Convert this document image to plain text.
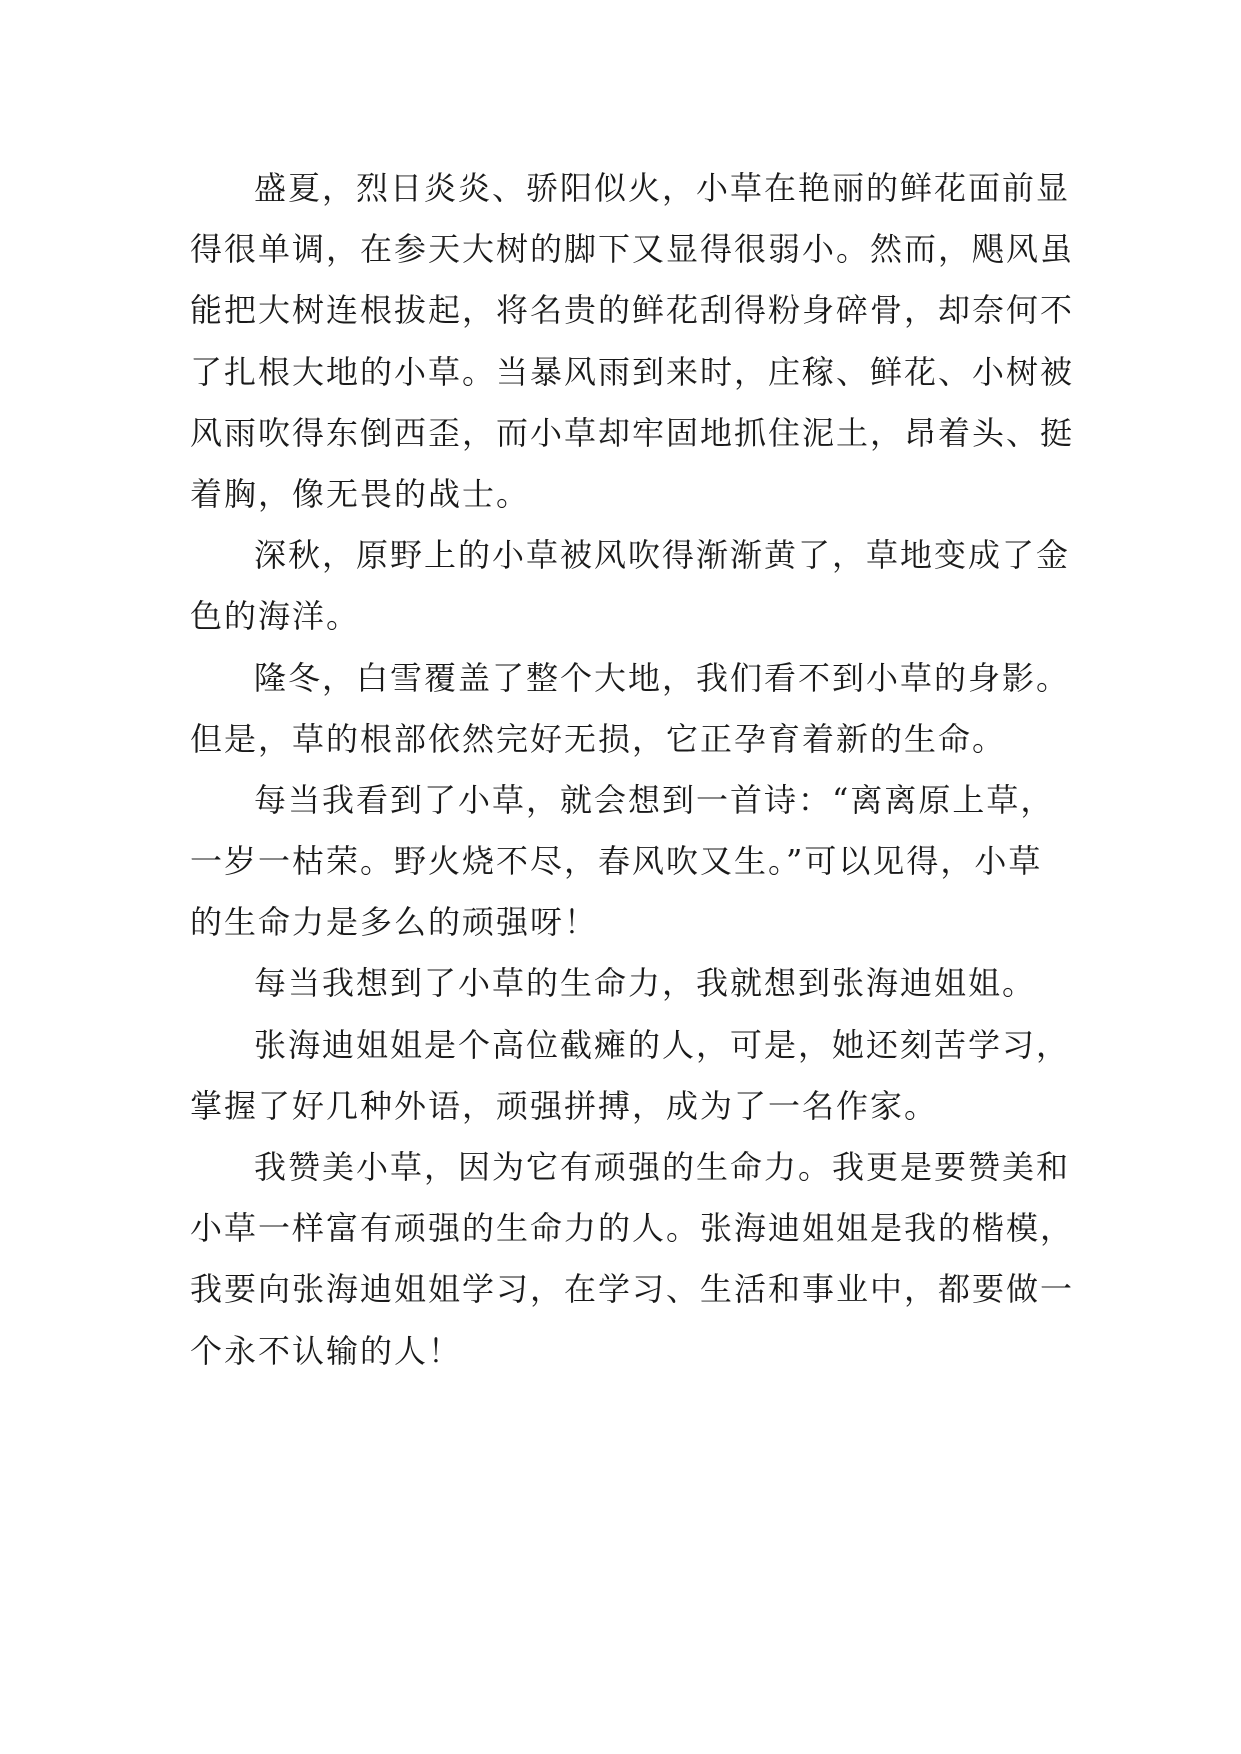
盛夏，烈日炎炎、骄阳似火，小草在艳丽的鲜花面前显
得很单调，在参天大树的脚下又显得很弱小。然而，飓风虽
能把大树连根拔起，将名贵的鲜花刮得粉身碎骨，却奈何不
了扎根大地的小草。当暴风雨到来时，庄稼、鲜花、小树被
风雨吹得东倒西歪，而小草却牢固地抓住泥土，昂着头、挺
着胸，像无畏的战士。
深秋，原野上的小草被风吹得渐渐黄了，草地变成了金
色的海洋。
隆冬，白雪覆盖了整个大地，我们看不到小草的身影。
但是，草的根部依然完好无损，它正孕育着新的生命。
每当我看到了小草，就会想到一首诗：“离离原上草，
一岁一枯荣。野火烧不尽，春风吹又生。”可以见得，小草
的生命力是多么的顽强呀！
每当我想到了小草的生命力，我就想到张海迪姐姐。
张海迪姐姐是个高位截瘫的人，可是，她还刻苦学习，
掌握了好几种外语，顽强拼搏，成为了一名作家。
我赞美小草，因为它有顽强的生命力。我更是要赞美和
小草一样富有顽强的生命力的人。张海迪姐姐是我的楷模，
我要向张海迪姐姐学习，在学习、生活和事业中，都要做一
个永不认输的人！
